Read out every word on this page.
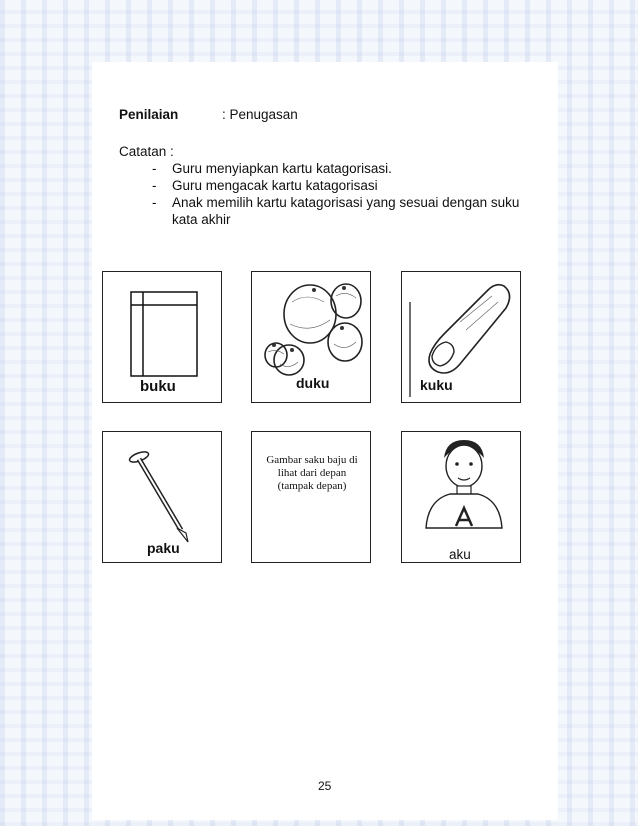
Penilaian	: Penugasan
Catatan :
- Guru menyiapkan kartu katagorisasi.
- Guru mengacak kartu katagorisasi
- Anak memilih kartu katagorisasi yang sesuai dengan suku
kata akhir
buku	duku	kuku
paku
Gambar saku baju di
lihat dari depan
(tampak depan)
aku
25
